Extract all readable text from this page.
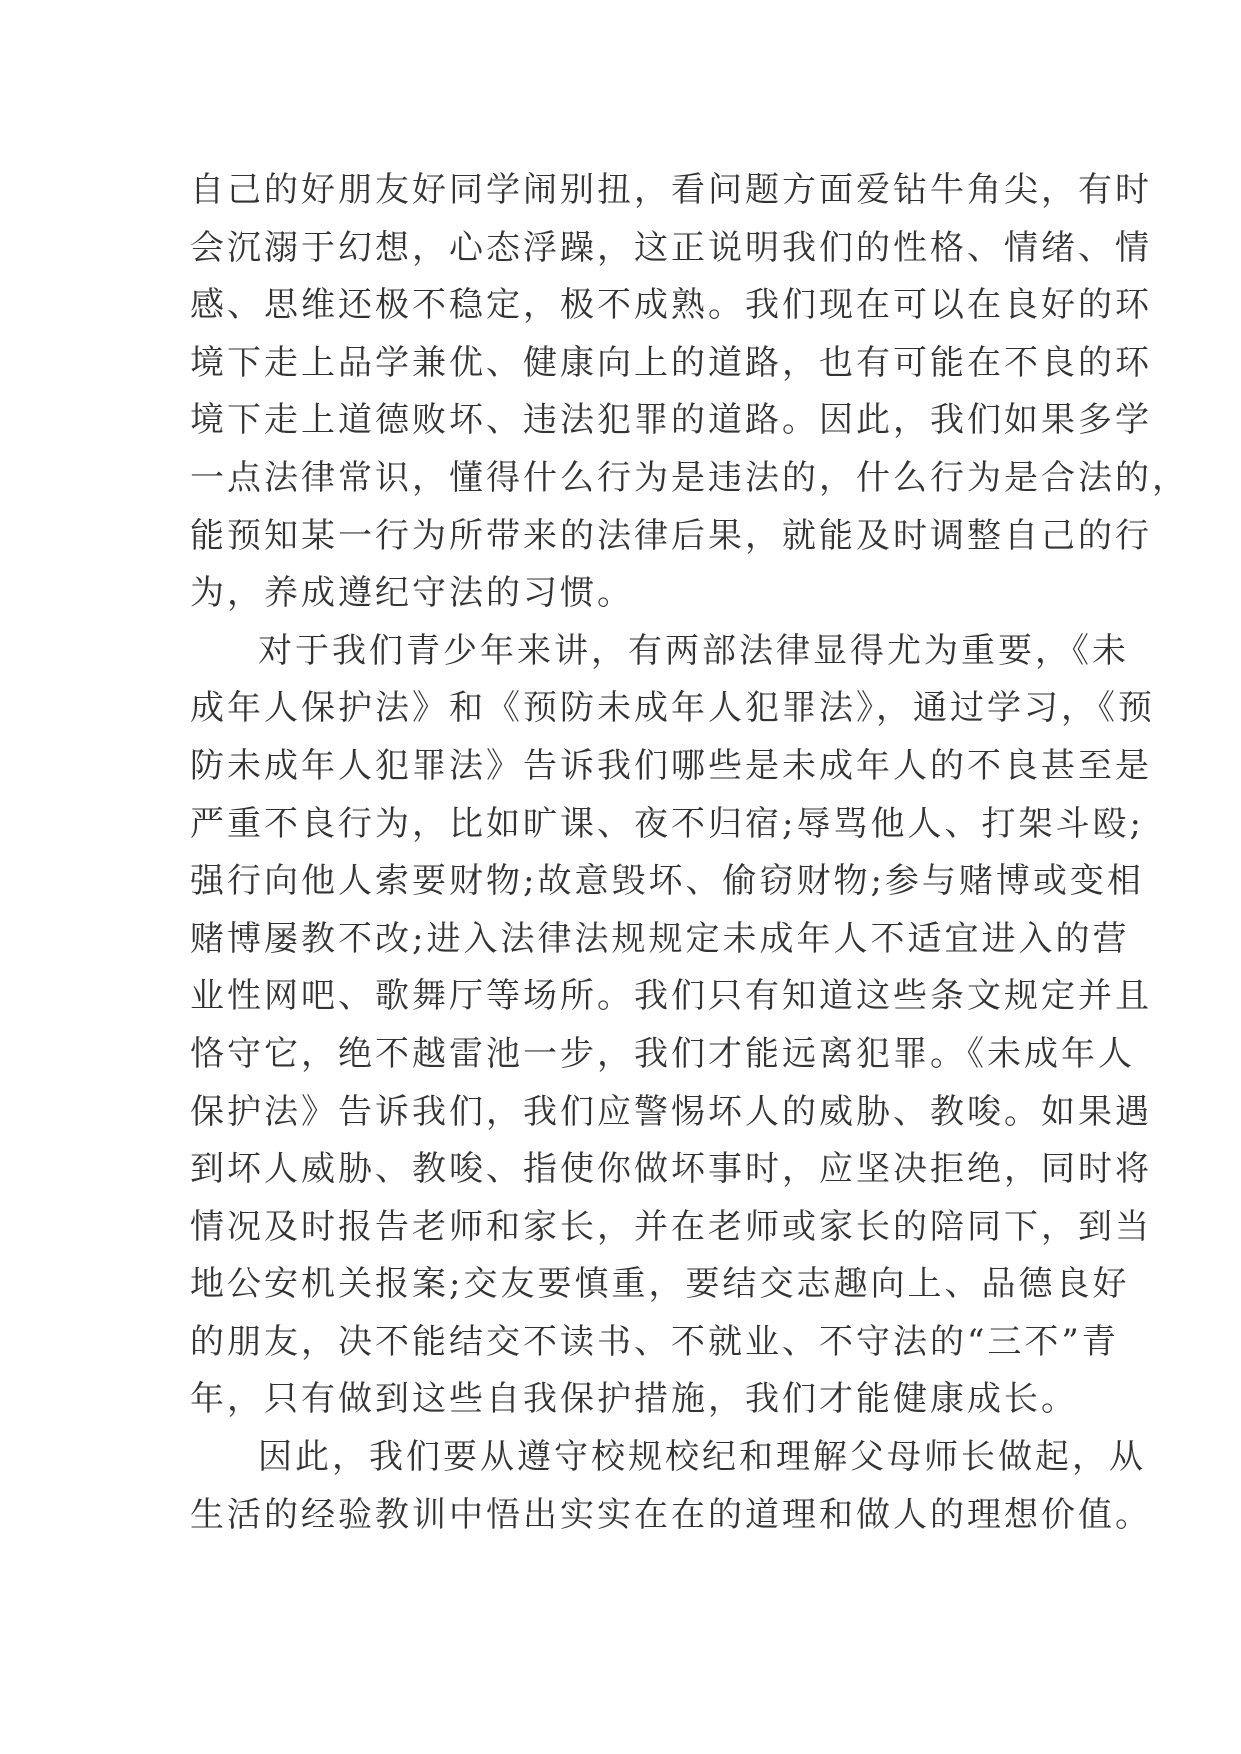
自己的好朋友好同学闹别扭，看问题方面爱钻牛角尖，有时
会沉溺于幻想，心态浮躁，这正说明我们的性格、情绪、情
感、思维还极不稳定，极不成熟。我们现在可以在良好的环
境下走上品学兼优、健康向上的道路，也有可能在不良的环
境下走上道德败坏、违法犯罪的道路。因此，我们如果多学
一点法律常识，懂得什么行为是违法的，什么行为是合法的，
能预知某一行为所带来的法律后果，就能及时调整自己的行
为，养成遵纪守法的习惯。
对于我们青少年来讲，有两部法律显得尤为重要，《未
成年人保护法》和《预防未成年人犯罪法》，通过学习，《预
防未成年人犯罪法》告诉我们哪些是未成年人的不良甚至是
严重不良行为，比如旷课、夜不归宿;辱骂他人、打架斗殴;
强行向他人索要财物;故意毁坏、偷窃财物;参与赌博或变相
赌博屡教不改;进入法律法规规定未成年人不适宜进入的营
业性网吧、歌舞厅等场所。我们只有知道这些条文规定并且
恪守它，绝不越雷池一步，我们才能远离犯罪。《未成年人
保护法》告诉我们，我们应警惕坏人的威胁、教唆。如果遇
到坏人威胁、教唆、指使你做坏事时，应坚决拒绝，同时将
情况及时报告老师和家长，并在老师或家长的陪同下，到当
地公安机关报案;交友要慎重，要结交志趣向上、品德良好
的朋友，决不能结交不读书、不就业、不守法的“三不”青
年，只有做到这些自我保护措施，我们才能健康成长。
因此，我们要从遵守校规校纪和理解父母师长做起，从
生活的经验教训中悟出实实在在的道理和做人的理想价值。
